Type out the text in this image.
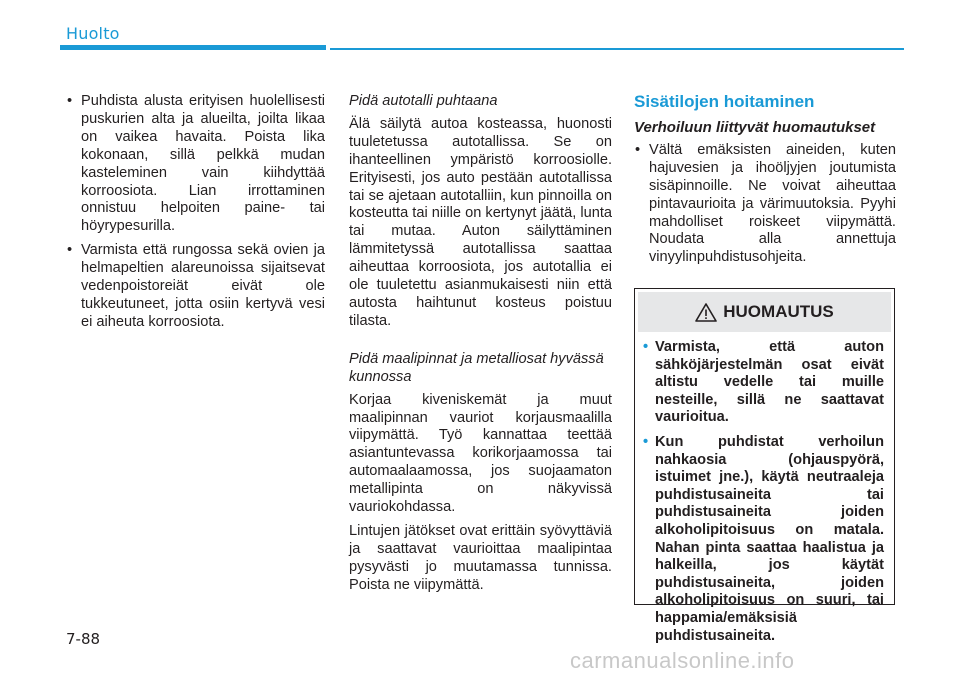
Huolto
• Puhdista alusta erityisen huolellisesti puskurien alta ja alueilta, joilta likaa on vaikea havaita. Poista lika kokonaan, sillä pelkkä mudan kasteleminen vain kiihdyttää korroosiota. Lian irrottaminen onnistuu helpoiten paine- tai höyrypesurilla.
• Varmista että rungossa sekä ovien ja helmapeltien alareunoissa sijaitsevat vedenpoistoreiät eivät ole tukkeutuneet, jotta osiin kertyvä vesi ei aiheuta korroosiota.

Pidä autotalli puhtaana

Älä säilytä autoa kosteassa, huonosti tuuletetussa autotallissa. Se on ihanteellinen ympäristö korroosiolle. Erityisesti, jos auto pestään autotallissa tai se ajetaan autotalliin, kun pinnoilla on kosteutta tai niille on kertynyt jäätä, lunta tai mutaa. Auton säilyttäminen lämmitetyssä autotallissa saattaa aiheuttaa korroosiota, jos autotallia ei ole tuuletettu asianmukaisesti niin että autosta haihtunut kosteus poistuu tilasta.

Pidä maalipinnat ja metalliosat hyvässä kunnossa

Korjaa kiveniskemät ja muut maalipinnan vauriot korjausmaalilla viipymättä. Työ kannattaa teettää asiantuntevassa korikorjaamossa tai automaalaamossa, jos suojaamaton metallipinta on näkyvissä vauriokohdassa.

Lintujen jätökset ovat erittäin syövyttäviä ja saattavat vaurioittaa maalipintaa pysyvästi jo muutamassa tunnissa. Poista ne viipymättä.

Sisätilojen hoitaminen

Verhoiluun liittyvät huomautukset

• Vältä emäksisten aineiden, kuten hajuvesien ja ihoöljyjen joutumista sisäpinnoille. Ne voivat aiheuttaa pintavaurioita ja värimuutoksia. Pyyhi mahdolliset roiskeet viipymättä. Noudata alla annettuja vinyylinpuhdistusohjeita.
HUOMAUTUS
• Varmista, että auton sähköjärjestelmän osat eivät altistu vedelle tai muille nesteille, sillä ne saattavat vaurioitua.
• Kun puhdistat verhoilun nahkaosia (ohjauspyörä, istuimet jne.), käytä neutraaleja puhdistusaineita tai puhdistusaineita joiden alkoholipitoisuus on matala. Nahan pinta saattaa haalistua ja halkeilla, jos käytät puhdistusaineita, joiden alkoholipitoisuus on suuri, tai happamia/emäksisiä puhdistusaineita.
7-88
carmanualsonline.info
